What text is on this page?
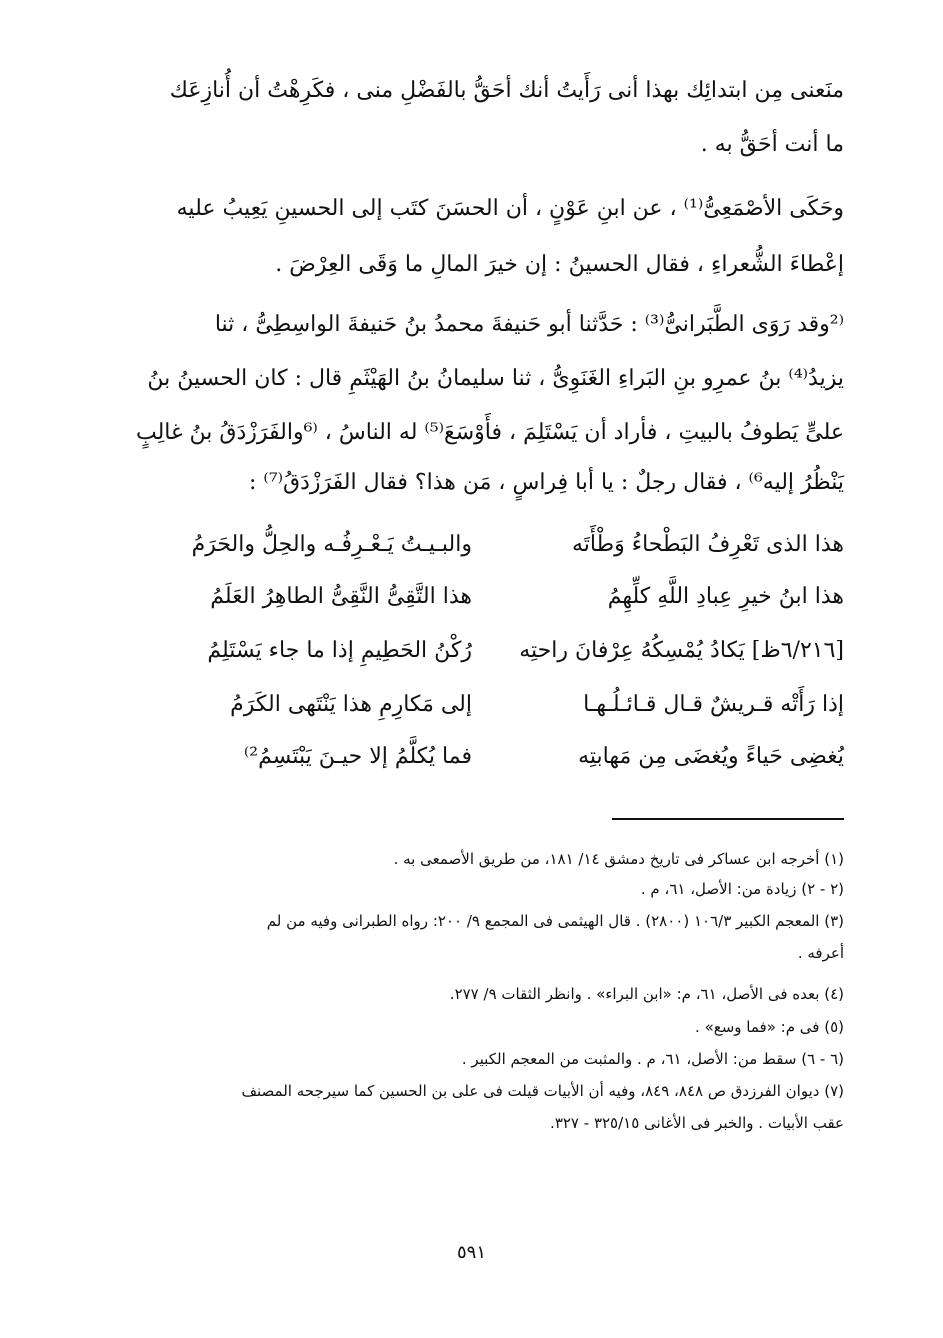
منَعنى مِن ابتدائِك بهذا أنى رَأَيتُ أنك أحَقُّ بالفَضْلِ منى ، فكَرِهْتُ أن أُنازِعَك
ما أنت أحَقُّ به .
وحَكَى الأصْمَعِىُّ⁽¹⁾ ، عن ابنِ عَوْنٍ ، أن الحسَنَ كتَب إلى الحسينِ يَعِيبُ عليه
إعْطاءَ الشُّعراءِ ، فقال الحسينُ : إن خيرَ المالِ ما وَقَى العِرْضَ .
⁽²وقد رَوَى الطَّبَرانىُّ⁽³⁾ : حَدَّثنا أبو حَنيفةَ محمدُ بنُ حَنيفةَ الواسِطِىُّ ، ثنا
يزيدُ⁽⁴⁾ بنُ عمرِو بنِ البَراءِ الغَنَوِىُّ ، ثنا سليمانُ بنُ الهَيْثَمِ قال : كان الحسينُ بنُ
علىٍّ يَطوفُ بالبيتِ ، فأراد أن يَسْتَلِمَ ، فأَوْسَعَ⁽⁵⁾ له الناسُ ، ⁽⁶والفَرَزْدَقُ بنُ غالِبٍ
يَنْظُرُ إليه⁶⁾ ، فقال رجلٌ : يا أبا فِراسٍ ، مَن هذا؟ فقال الفَرَزْدَقُ⁽⁷⁾ :
هذا الذى تَعْرِفُ البَطْحاءُ وَطْأَتَه
والبـيـتُ يَـعْـرِفُـه والحِلُّ والحَرَمُ
هذا ابنُ خيرِ عِبادِ اللَّهِ كلِّهِمُ
هذا التَّقِىُّ النَّقِىُّ الطاهِرُ العَلَمُ
[٦/٢١٦ظ] يَكادُ يُمْسِكُهُ عِرْفانَ راحتِه
رُكْنُ الحَطِيمِ إذا ما جاء يَسْتَلِمُ
إذا رَأَتْه قـريشٌ قـال قـائـلُـهـا
إلى مَكارِمِ هذا يَنْتَهى الكَرَمُ
يُغضِى حَياءً ويُغضَى مِن مَهابتِه
فما يُكلَّمُ إلا حيـنَ يَبْتَسِمُ²⁾
(١) أخرجه ابن عساكر فى تاريخ دمشق ١٤/ ١٨١، من طريق الأصمعى به .
(٢ - ٢) زيادة من: الأصل، ٦١، م .
(٣) المعجم الكبير ١٠٦/٣ (٢٨٠٠) . قال الهيثمى فى المجمع ٩/ ٢٠٠: رواه الطبرانى وفيه من لم
أعرفه .
(٤) بعده فى الأصل، ٦١، م: «ابن البراء» . وانظر الثقات ٩/ ٢٧٧.
(٥) فى م: «فما وسع» .
(٦ - ٦) سقط من: الأصل، ٦١، م . والمثبت من المعجم الكبير .
(٧) ديوان الفرزدق ص ٨٤٨، ٨٤٩، وفيه أن الأبيات قيلت فى على بن الحسين كما سيرجحه المصنف
عقب الأبيات . والخبر فى الأغانى ٣٢٥/١٥ - ٣٢٧.
٥٩١
